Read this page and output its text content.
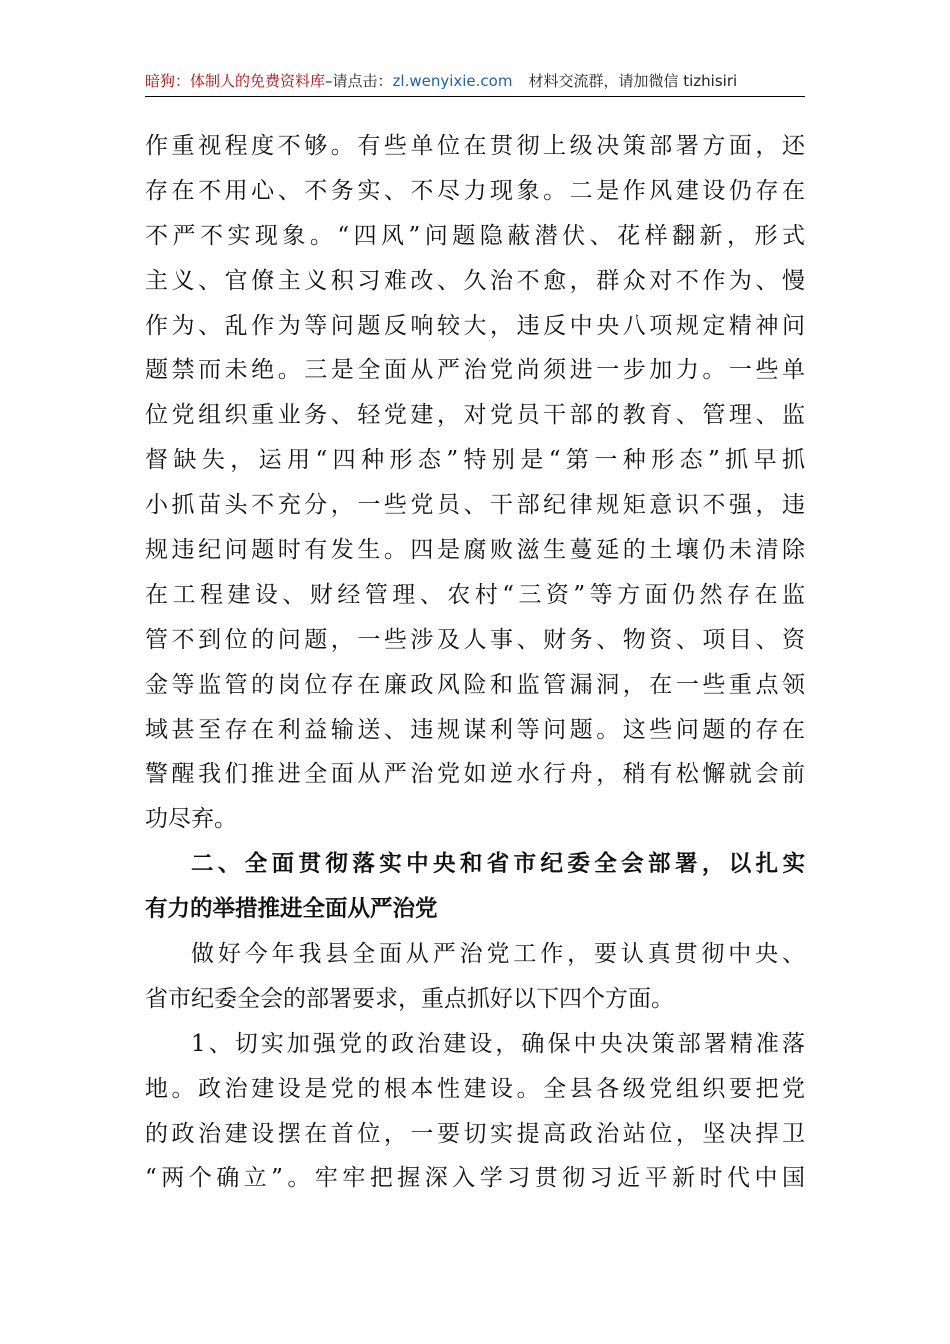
暗狗：体制人的免费资料库–请点击：zl.wenyixie.com 材料交流群，请加微信 tizhisiri
作重视程度不够。有些单位在贯彻上级决策部署方面，还
存在不用心、不务实、不尽力现象。二是作风建设仍存在
不严不实现象。“四风”问题隐蔽潜伏、花样翻新，形式
主义、官僚主义积习难改、久治不愈，群众对不作为、慢
作为、乱作为等问题反响较大，违反中央八项规定精神问
题禁而未绝。三是全面从严治党尚须进一步加力。一些单
位党组织重业务、轻党建，对党员干部的教育、管理、监
督缺失，运用“四种形态”特别是“第一种形态”抓早抓
小抓苗头不充分，一些党员、干部纪律规矩意识不强，违
规违纪问题时有发生。四是腐败滋生蔓延的土壤仍未清除
在工程建设、财经管理、农村“三资”等方面仍然存在监
管不到位的问题，一些涉及人事、财务、物资、项目、资
金等监管的岗位存在廉政风险和监管漏洞，在一些重点领
域甚至存在利益输送、违规谋利等问题。这些问题的存在
警醒我们推进全面从严治党如逆水行舟，稍有松懈就会前
功尽弃。
二、全面贯彻落实中央和省市纪委全会部署，以扎实
有力的举措推进全面从严治党
做好今年我县全面从严治党工作，要认真贯彻中央、
省市纪委全会的部署要求，重点抓好以下四个方面。
1、切实加强党的政治建设，确保中央决策部署精准落
地。政治建设是党的根本性建设。全县各级党组织要把党
的政治建设摆在首位，一要切实提高政治站位，坚决捍卫
“两个确立”。牢牢把握深入学习贯彻习近平新时代中国
